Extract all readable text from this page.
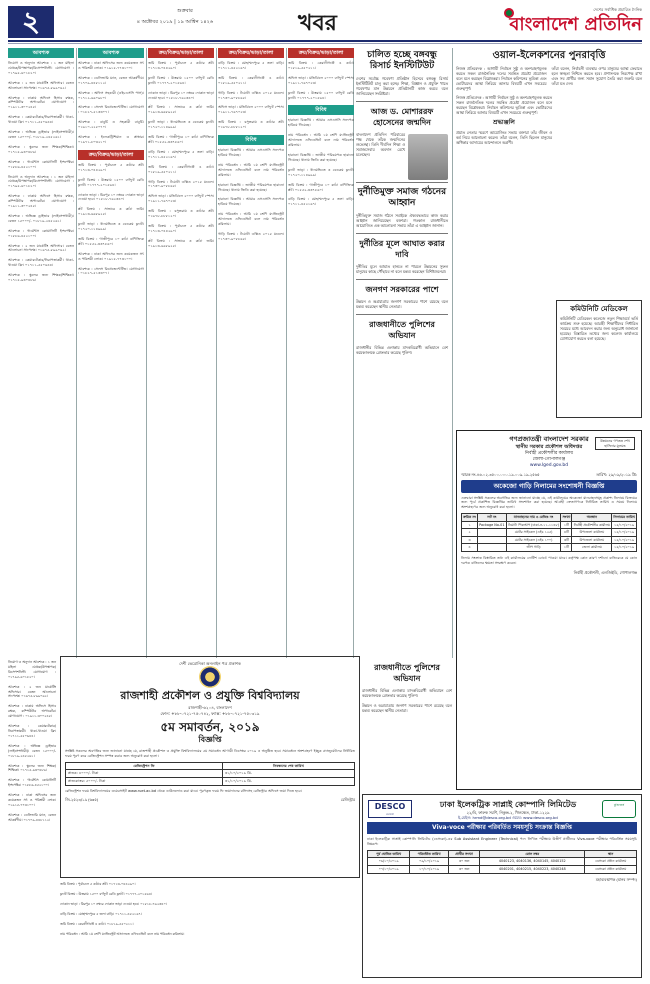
২	শুক্রবার
৪ অক্টোবর ২০১৯ | ১৯ আশ্বিন ১৪২৬	খবর
দেশের সর্বাধিক প্রচারিত দৈনিক
বাংলাদেশ প্রতিদিন
আবশ্যক
নিয়োগ ও অনুদান আবশ্যক : ১ জন মহিলা ঘোষক/উপস্থাপক/রিসেপশনিস্ট। যোগাযোগ : ০১৭৯৫-৬০১৮২০।
আবশ্যক : ২ জন মার্কেটিং অফিসার। বেতন আলোচনা সাপেক্ষে। ০১৬৭৫-৮৯৯০৬২।
আবশ্যক : ঢাকায় অফিসে হিসাব রক্ষক, কম্পিউটার অপারেটর। যোগাযোগ : ০১৯১১-৩০০২৪৫।
আবশ্যক : কেয়ারটেকার/নিরাপত্তাকর্মী। থাকা-খাওয়া ফ্রি। ০১৭১১-৫৫০৬৪৪।
আবশ্যক : অভিজ্ঞ ড্রাইভার (লাইসেন্সধারী)। বেতন ১৫০০০/- ০১৮১৯-২৪৫২৬১।
আবশ্যক : স্কুলের জন্য শিক্ষক/শিক্ষিকা। ০১৭১৫-৯৩০৪৮৬।
আবশ্যক : গার্মেন্টস কোয়ালিটি ইন্সপেক্টর। ০১৮৮৬-৪৫২১০০।
নিয়োগ ও অনুদান আবশ্যক : ১ জন মহিলা ঘোষক/উপস্থাপক/রিসেপশনিস্ট। যোগাযোগ : ০১৭৯৫-৬০১৮২০।
আবশ্যক : ঢাকায় অফিসে হিসাব রক্ষক, কম্পিউটার অপারেটর। যোগাযোগ : ০১৯১১-৩০০২৪৫।
আবশ্যক : অভিজ্ঞ ড্রাইভার (লাইসেন্সধারী)। বেতন ১৫০০০/- ০১৮১৯-২৪৫২৬১।
আবশ্যক : গার্মেন্টস কোয়ালিটি ইন্সপেক্টর। ০১৮৮৬-৪৫২১০০।
আবশ্যক : ২ জন মার্কেটিং অফিসার। বেতন আলোচনা সাপেক্ষে। ০১৬৭৫-৮৯৯০৬২।
আবশ্যক : কেয়ারটেকার/নিরাপত্তাকর্মী। থাকা-খাওয়া ফ্রি। ০১৭১১-৫৫০৬৪৪।
আবশ্যক : স্কুলের জন্য শিক্ষক/শিক্ষিকা। ০১৭১৫-৯৩০৪৮৬।
আবশ্যক
আবশ্যক : ঢাকা অফিসের জন্য কয়েকজন সৎ ও পরিশ্রমী লোক। ০১৯১৫-৭৭৩১০০।
আবশ্যক : ডেলিভারি ম্যান, বেতন আকর্ষণীয়। ০১৭০৯-৪৪৮১১২।
আবশ্যক : অফিস সহকারী (এইচএসসি পাস)। ০১৭১২-৬৬০৯৮০।
আবশ্যক : সেলস রিপ্রেজেন্টেটিভ। যোগাযোগ : ০১৮২৭-৫১৩৩০৭।
আবশ্যক : বাবুর্চি ও সহকারী বাবুর্চি। ০১৬১০-২২৫০৭০।
আবশ্যক : ইলেকট্রিশিয়ান ও প্লাম্বার। ০১৯৭১-৮০৩২১০।
ক্রয়/বিক্রয়/ভাড়া/তালা
জমি বিক্রয় : পূর্বাচলে ৫ কাঠার প্লট। ০১৭১৩-০৪৪২৯০।
ফ্ল্যাট বিক্রয় : উত্তরায় ১৫০০ বর্গফুট রেডি ফ্ল্যাট। ০১৭৭৭-২০১৫৬৪।
দোকান ভাড়া : মিরপুর ১০ নম্বরে দোকান ভাড়া দেওয়া হবে। ০১৮১৮-৭৬২৩৪০।
প্লট বিক্রয় : সাভারে ৩ কাঠা জমি। ০১৯১৩-৬৬৮৯২৫।
ফ্ল্যাট ভাড়া : ধানমন্ডিতে ৩ বেডরুম ফ্ল্যাট। ০১৭২০-১১৪৯৯৯।
জমি বিক্রয় : গাজীপুরে ১০ কাঠা বাণিজ্যিক প্লট। ০১৫৫২-৩৩৭৮৬০।
আবশ্যক : ঢাকা অফিসের জন্য কয়েকজন সৎ ও পরিশ্রমী লোক। ০১৯১৫-৭৭৩১০০।
আবশ্যক : সেলস রিপ্রেজেন্টেটিভ। যোগাযোগ : ০১৮২৭-৫১৩৩০৭।
ক্রয়/বিক্রয়/ভাড়া/তালা
জমি বিক্রয় : পূর্বাচলে ৫ কাঠার প্লট। ০১৭১৩-০৪৪২৯০।
ফ্ল্যাট বিক্রয় : উত্তরায় ১৫০০ বর্গফুট রেডি ফ্ল্যাট। ০১৭৭৭-২০১৫৬৪।
দোকান ভাড়া : মিরপুর ১০ নম্বরে দোকান ভাড়া দেওয়া হবে। ০১৮১৮-৭৬২৩৪০।
প্লট বিক্রয় : সাভারে ৩ কাঠা জমি। ০১৯১৩-৬৬৮৯২৫।
ফ্ল্যাট ভাড়া : ধানমন্ডিতে ৩ বেডরুম ফ্ল্যাট। ০১৭২০-১১৪৯৯৯।
জমি বিক্রয় : গাজীপুরে ১০ কাঠা বাণিজ্যিক প্লট। ০১৫৫২-৩৩৭৮৬০।
বাড়ি বিক্রয় : মোহাম্মদপুরে ৫ তলা বাড়ি। ০১৭১১-৪৫২১৬৭।
জমি বিক্রয় : কেরানীগঞ্জে ৪ কাঠা। ০১৮১৯-৫৫০২১১।
গাড়ি বিক্রয় : টয়োটা এক্সিও ২০১৫ মডেল। ০১৭৩০-৯০৮৮৬৫।
অফিস ভাড়া : মতিঝিলে ২০০০ বর্গফুট স্পেস। ০১৯১১-৭৬৭০২৩।
জমি বিক্রয় : বসুন্ধরায় ৩ কাঠার প্লট। ০১৬৭৮-৮৮৮১২০।
জমি বিক্রয় : পূর্বাচলে ৫ কাঠার প্লট। ০১৭১৩-০৪৪২৯০।
প্লট বিক্রয় : সাভারে ৩ কাঠা জমি। ০১৯১৩-৬৬৮৯২৫।
ক্রয়/বিক্রয়/ভাড়া/তালা
বাড়ি বিক্রয় : মোহাম্মদপুরে ৫ তলা বাড়ি। ০১৭১১-৪৫২১৬৭।
জমি বিক্রয় : কেরানীগঞ্জে ৪ কাঠা। ০১৮১৯-৫৫০২১১।
গাড়ি বিক্রয় : টয়োটা এক্সিও ২০১৫ মডেল। ০১৭৩০-৯০৮৮৬৫।
অফিস ভাড়া : মতিঝিলে ২০০০ বর্গফুট স্পেস। ০১৯১১-৭৬৭০২৩।
জমি বিক্রয় : বসুন্ধরায় ৩ কাঠার প্লট। ০১৬৭৮-৮৮৮১২০।
বিবিধ
হারানো বিজ্ঞপ্তি : আমার এসএসসি সনদপত্র হারিয়ে গিয়েছে।
নাম পরিবর্তন : আমি ১ম শ্রেণি ম্যাজিস্ট্রেট আদালতে এফিডেভিট বলে নাম পরিবর্তন করিলাম।
হারানো বিজ্ঞপ্তি : জাতীয় পরিচয়পত্র হারানো গিয়েছে। থানায় জিডি করা হয়েছে।
হারানো বিজ্ঞপ্তি : আমার এসএসসি সনদপত্র হারিয়ে গিয়েছে।
নাম পরিবর্তন : আমি ১ম শ্রেণি ম্যাজিস্ট্রেট আদালতে এফিডেভিট বলে নাম পরিবর্তন করিলাম।
গাড়ি বিক্রয় : টয়োটা এক্সিও ২০১৫ মডেল। ০১৭৩০-৯০৮৮৬৫।
ক্রয়/বিক্রয়/ভাড়া/তালা
জমি বিক্রয় : কেরানীগঞ্জে ৪ কাঠা। ০১৮১৯-৫৫০২১১।
অফিস ভাড়া : মতিঝিলে ২০০০ বর্গফুট স্পেস। ০১৯১১-৭৬৭০২৩।
ফ্ল্যাট বিক্রয় : উত্তরায় ১৫০০ বর্গফুট রেডি ফ্ল্যাট। ০১৭৭৭-২০১৫৬৪।
বিবিধ
হারানো বিজ্ঞপ্তি : আমার এসএসসি সনদপত্র হারিয়ে গিয়েছে।
নাম পরিবর্তন : আমি ১ম শ্রেণি ম্যাজিস্ট্রেট আদালতে এফিডেভিট বলে নাম পরিবর্তন করিলাম।
হারানো বিজ্ঞপ্তি : জাতীয় পরিচয়পত্র হারানো গিয়েছে। থানায় জিডি করা হয়েছে।
ফ্ল্যাট ভাড়া : ধানমন্ডিতে ৩ বেডরুম ফ্ল্যাট। ০১৭২০-১১৪৯৯৯।
জমি বিক্রয় : গাজীপুরে ১০ কাঠা বাণিজ্যিক প্লট। ০১৫৫২-৩৩৭৮৬০।
বাড়ি বিক্রয় : মোহাম্মদপুরে ৫ তলা বাড়ি। ০১৭১১-৪৫২১৬৭।
চালিত হচ্ছে বঙ্গবন্ধু রিসার্চ ইনস্টিটিউট
দেশের সর্বোচ্চ গবেষণা প্রতিষ্ঠান হিসেবে বঙ্গবন্ধু রিসার্চ ইনস্টিটিউট চালু করা হচ্ছে। শিক্ষা, বিজ্ঞান ও প্রযুক্তি খাতে গবেষণার মান উন্নয়নে প্রতিষ্ঠানটি কাজ করবে বলে জানিয়েছেন সংশ্লিষ্টরা।
আজ ড. মোশাররফ হোসেনের জন্মদিন
বাংলাদেশ প্রতিদিন পরিবারের পক্ষ থেকে তাঁকে জন্মদিনের শুভেচ্ছা। তিনি দীর্ঘদিন শিক্ষা ও সমাজসেবায় অবদান রেখে চলেছেন।
দুর্নীতিমুক্ত সমাজ গঠনের আহ্বান
দুর্নীতিমুক্ত সমাজ গঠনে সবাইকে ঐক্যবদ্ধভাবে কাজ করার আহ্বান জানিয়েছেন বক্তারা। গতকাল রাজধানীতে আয়োজিত এক আলোচনা সভায় তাঁরা এ আহ্বান জানান।
দুর্নীতির মূলে আঘাত করার দাবি
দুর্নীতির মূলে আঘাত হানতে না পারলে উন্নয়নের সুফল মানুষের কাছে পৌঁছাবে না বলে মন্তব্য করেছেন বিশিষ্টজনেরা।
জনগণ সরকারের পাশে
উন্নয়ন ও অগ্রযাত্রায় জনগণ সরকারের পাশে রয়েছে বলে মন্তব্য করেছেন স্থানীয় নেতারা।
রাজধানীতে পুলিশের অভিযান
রাজধানীর বিভিন্ন এলাকায় মাদকবিরোধী অভিযানে বেশ কয়েকজনকে গ্রেফতার করেছে পুলিশ।
ওয়াল-ইলেকশনের পুনরাবৃত্তি
নিজস্ব প্রতিবেদক : আগামী নির্বাচন সুষ্ঠু ও অংশগ্রহণমূলক করতে সকল রাজনৈতিক দলের সমন্বিত প্রচেষ্টা প্রয়োজন বলে মনে করছেন বিশ্লেষকরা। নির্বাচন কমিশনের ভূমিকা এবং ভোটারদের আস্থা ফিরিয়ে আনার বিষয়টি এখন সবচেয়ে গুরুত্বপূর্ণ।
তাঁরা বলেন, নির্বাচনী ব্যবস্থার ওপর মানুষের আস্থা ফেরাতে হলে স্বচ্ছতা নিশ্চিত করতে হবে। প্রশাসনকে নিরপেক্ষ রাখা এবং সব প্রার্থীর জন্য সমান সুযোগ তৈরি করা জরুরি বলে তাঁরা মত দেন।
নিজস্ব প্রতিবেদক : আগামী নির্বাচন সুষ্ঠু ও অংশগ্রহণমূলক করতে সকল রাজনৈতিক দলের সমন্বিত প্রচেষ্টা প্রয়োজন বলে মনে করছেন বিশ্লেষকরা। নির্বাচন কমিশনের ভূমিকা এবং ভোটারদের আস্থা ফিরিয়ে আনার বিষয়টি এখন সবচেয়ে গুরুত্বপূর্ণ।
শ্রদ্ধাঞ্জলি
প্রয়াত নেতার স্মরণে আয়োজিত সভায় বক্তারা তাঁর জীবন ও কর্ম নিয়ে আলোচনা করেন। তাঁরা বলেন, তিনি ছিলেন মানুষের অধিকার আদায়ের আন্দোলনে অগ্রণী।
কমিউনিটি মেডিকেল
কমিউনিটি মেডিকেল কলেজে নতুন শিক্ষাবর্ষে ভর্তি কার্যক্রম শুরু হয়েছে। আগ্রহী শিক্ষার্থীদের নির্ধারিত সময়ের মধ্যে আবেদন করার জন্য অনুরোধ জানানো হয়েছে। বিস্তারিত তথ্যের জন্য কলেজ কার্যালয়ে যোগাযোগ করতে বলা হয়েছে।
উন্নয়নের গণতন্ত্র শেখ হাসিনার মূলমন্ত্র
গণপ্রজাতন্ত্রী বাংলাদেশ সরকার
স্থানীয় সরকার প্রকৌশল অধিদপ্তর
নির্বাহী প্রকৌশলীর কার্যালয়
জেলা-গোপালগঞ্জ
www.lged.gov.bd
স্মারক নং-৪৬.০২.৩৫০০.০০০.১৯.০০৯.১৯-২৫৬৫	তারিখ: ২৯/০৯/২০১৯ খ্রি:
অকেজো গাড়ি নিলামের সংশোধনী বিজ্ঞপ্তি
এতদ্বারা সংশ্লিষ্ট সকলের অবগতির জন্য জানানো যাচ্ছে যে, এই কার্যালয়ের অকেজো যানবাহনসমূহ প্রকাশ্য নিলামে বিক্রয়ের জন্য পূর্বে প্রকাশিত বিজ্ঞপ্তির তারিখ সংশোধন করা হয়েছে। আগ্রহী ক্রেতাগণকে নির্ধারিত তারিখ ও সময়ে নিলামে অংশগ্রহণের জন্য অনুরোধ করা হলো।
ক্রমিক নং	লট নং	যানবাহনের নাম ও রেজিঃ নং	সংখ্যা	অবস্থান	নিলামের তারিখ
১	Package No-01	টয়োটা পিকআপ (ঢাকা-ন-১১-১১৪৮)	১টি	নির্বাহী প্রকৌশলীর কার্যালয়	১৫/১০/২০১৯
২		মোটর সাইকেল (এইচ ১২৫)	৪টি	উপজেলা কার্যালয়	১৫/১০/২০১৯
৩		মোটর সাইকেল (এইচ ১০০)	৩টি	উপজেলা কার্যালয়	১৫/১০/২০১৯
৪		জীপ গাড়ি	১টি	জেলা কার্যালয়	১৫/১০/২০১৯
নিলাম সংক্রান্ত বিস্তারিত তথ্য এই কার্যালয়ের নোটিশ বোর্ডে পাওয়া যাবে। কর্তৃপক্ষ কোন কারণ দর্শানো ব্যতিরেকে যে কোন দরপত্র বাতিলের ক্ষমতা সংরক্ষণ করেন।
নির্বাহী প্রকৌশলী, এলজিইডি, গোপালগঞ্জ
নিয়োগ ও অনুদান আবশ্যক : ১ জন মহিলা ঘোষক/উপস্থাপক/রিসেপশনিস্ট। যোগাযোগ : ০১৭৯৫-৬০১৮২০।
আবশ্যক : ২ জন মার্কেটিং অফিসার। বেতন আলোচনা সাপেক্ষে। ০১৬৭৫-৮৯৯০৬২।
আবশ্যক : ঢাকায় অফিসে হিসাব রক্ষক, কম্পিউটার অপারেটর। যোগাযোগ : ০১৯১১-৩০০২৪৫।
আবশ্যক : কেয়ারটেকার/নিরাপত্তাকর্মী। থাকা-খাওয়া ফ্রি। ০১৭১১-৫৫০৬৪৪।
আবশ্যক : অভিজ্ঞ ড্রাইভার (লাইসেন্সধারী)। বেতন ১৫০০০/- ০১৮১৯-২৪৫২৬১।
আবশ্যক : স্কুলের জন্য শিক্ষক/শিক্ষিকা। ০১৭১৫-৯৩০৪৮৬।
আবশ্যক : গার্মেন্টস কোয়ালিটি ইন্সপেক্টর। ০১৮৮৬-৪৫২১০০।
আবশ্যক : ঢাকা অফিসের জন্য কয়েকজন সৎ ও পরিশ্রমী লোক। ০১৯১৫-৭৭৩১০০।
আবশ্যক : ডেলিভারি ম্যান, বেতন আকর্ষণীয়। ০১৭০৯-৪৪৮১১২।
দেশী ভেরোনিকা অনলাইন পত্র প্রকাশক
রাজশাহী প্রকৌশল ও প্রযুক্তি বিশ্ববিদ্যালয়
রাজশাহী-৬২০৪, বাংলাদেশ
ফোন: +৮৮-০৭২১-৭৫০৭৪২, ফ্যাক্স: +৮৮-০৭২১-৭৫০৩১৯
৫ম সমাবর্তন, ২০১৯
বিজ্ঞপ্তি
সংশ্লিষ্ট সকলের অবগতির জন্য জানানো যাচ্ছে যে, রাজশাহী প্রকৌশল ও প্রযুক্তি বিশ্ববিদ্যালয়ের ৫ম সমাবর্তন আগামী ডিসেম্বর ২০১৯ এ অনুষ্ঠিত হবে। সমাবর্তনে অংশগ্রহণে ইচ্ছুক গ্র্যাজুয়েটদের নির্ধারিত ফরম পূরণ করে রেজিস্ট্রেশন সম্পন্ন করার জন্য অনুরোধ করা হলো।
রেজিস্ট্রেশন ফি	নিবন্ধনের শেষ তারিখ
স্নাতক: ৪০০০/- টাকা	৩১/১০/২০১৯ খ্রি.
স্নাতকোত্তর: ৫০০০/- টাকা	৩১/১০/২০১৯ খ্রি.
রেজিস্ট্রেশন ফরম বিশ্ববিদ্যালয়ের ওয়েবসাইট www.ruet.ac.bd থেকে ডাউনলোড করা যাবে। পূরণকৃত ফরম ফি জমাদানের রসিদসহ রেজিস্ট্রার অফিসে জমা দিতে হবে।
জি-২৫২৩/১৯ (৬x৫)	রেজিস্ট্রার
জমি বিক্রয় : পূর্বাচলে ৫ কাঠার প্লট। ০১৭১৩-০৪৪২৯০।
ফ্ল্যাট বিক্রয় : উত্তরায় ১৫০০ বর্গফুট রেডি ফ্ল্যাট। ০১৭৭৭-২০১৫৬৪।
দোকান ভাড়া : মিরপুর ১০ নম্বরে দোকান ভাড়া দেওয়া হবে। ০১৮১৮-৭৬২৩৪০।
বাড়ি বিক্রয় : মোহাম্মদপুরে ৫ তলা বাড়ি। ০১৭১১-৪৫২১৬৭।
জমি বিক্রয় : কেরানীগঞ্জে ৪ কাঠা। ০১৮১৯-৫৫০২১১।
নাম পরিবর্তন : আমি ১ম শ্রেণি ম্যাজিস্ট্রেট আদালতে এফিডেভিট বলে নাম পরিবর্তন করিলাম।
রাজধানীতে পুলিশের অভিযান
রাজধানীর বিভিন্ন এলাকায় মাদকবিরোধী অভিযানে বেশ কয়েকজনকে গ্রেফতার করেছে পুলিশ।
উন্নয়ন ও অগ্রযাত্রায় জনগণ সরকারের পাশে রয়েছে বলে মন্তব্য করেছেন স্থানীয় নেতারা।
DESCO
ডেসকো
মুজিববর্ষ
ঢাকা ইলেকট্রিক সাপ্লাই কোম্পানি লিমিটেড
২২/বি, ফারুক সরণি, নিকুঞ্জ-২, খিলক্ষেত, ঢাকা-১২২৯
ই-মেইল: hrmd@desco.org.bd ওয়েব: www.desco.org.bd
Viva-voce পরীক্ষার পরিবর্তিত সময়সূচি সংক্রান্ত বিজ্ঞপ্তি
ঢাকা ইলেকট্রিক সাপ্লাই কোম্পানি লিমিটেড (ডেসকো)-এর Sub Assistant Engineer (Technical) পদে লিখিত পরীক্ষায় উত্তীর্ণ প্রার্থীদের Viva-voce পরীক্ষার পরিবর্তিত সময়সূচি নিম্নরূপ:
পূর্ব ঘোষিত তারিখ	পরিবর্তিত তারিখ	প্রার্থীর সংখ্যা	রোল নম্বর	স্থান
০৬/১০/২০১৯	০৯/১০/২০১৯	৩০ জন	4040123, 4040136, 4040145, 4040152	ডেসকো প্রধান কার্যালয়
০৭/১০/২০১৯	১০/১০/২০১৯	৩০ জন	4040201, 4040215, 4040223, 4040248	ডেসকো প্রধান কার্যালয়
মহাব্যবস্থাপক (মানব সম্পদ)
